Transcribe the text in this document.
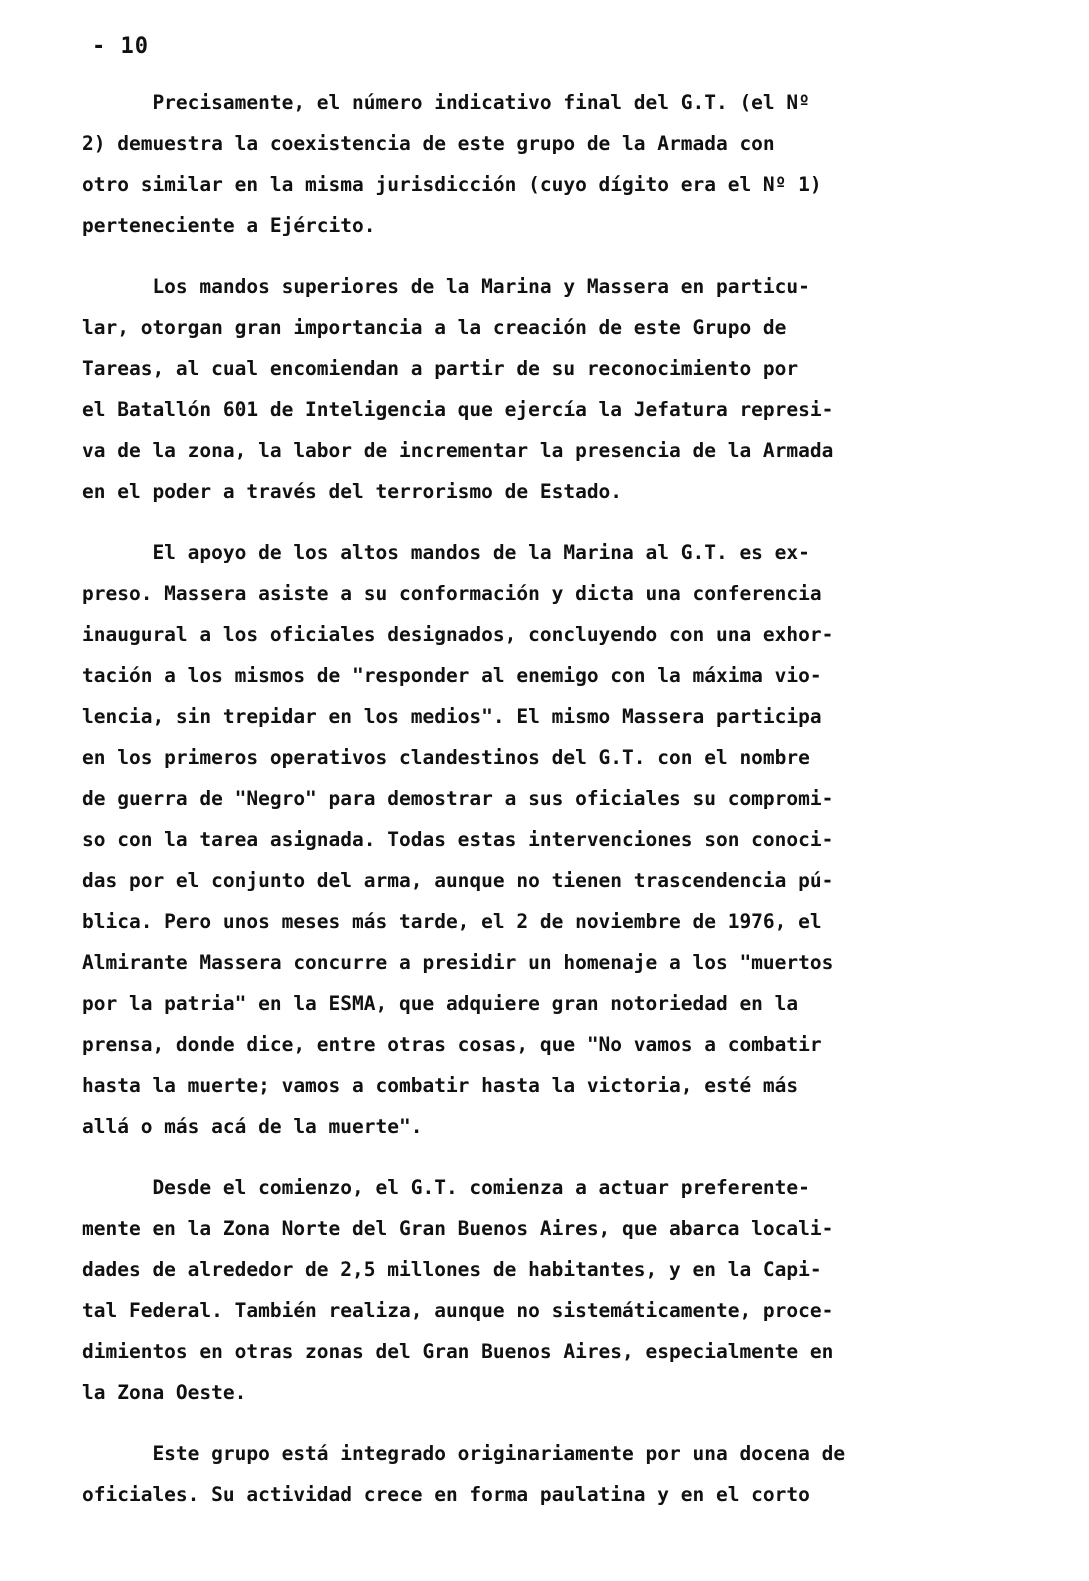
- 10
Precisamente, el número indicativo final del G.T. (el Nº
2) demuestra la coexistencia de este grupo de la Armada con
otro similar en la misma jurisdicción (cuyo dígito era el Nº 1)
perteneciente a Ejército.
Los mandos superiores de la Marina y Massera en particu-
lar, otorgan gran importancia a la creación de este Grupo de
Tareas, al cual encomiendan a partir de su reconocimiento por
el Batallón 601 de Inteligencia que ejercía la Jefatura represi-
va de la zona, la labor de incrementar la presencia de la Armada
en el poder a través del terrorismo de Estado.
El apoyo de los altos mandos de la Marina al G.T. es ex-
preso. Massera asiste a su conformación y dicta una conferencia
inaugural a los oficiales designados, concluyendo con una exhor-
tación a los mismos de "responder al enemigo con la máxima vio-
lencia, sin trepidar en los medios". El mismo Massera participa
en los primeros operativos clandestinos del G.T. con el nombre
de guerra de "Negro" para demostrar a sus oficiales su compromi-
so con la tarea asignada. Todas estas intervenciones son conoci-
das por el conjunto del arma, aunque no tienen trascendencia pú-
blica. Pero unos meses más tarde, el 2 de noviembre de 1976, el
Almirante Massera concurre a presidir un homenaje a los "muertos
por la patria" en la ESMA, que adquiere gran notoriedad en la
prensa, donde dice, entre otras cosas, que "No vamos a combatir
hasta la muerte; vamos a combatir hasta la victoria, esté más
allá o más acá de la muerte".
Desde el comienzo, el G.T. comienza a actuar preferente-
mente en la Zona Norte del Gran Buenos Aires, que abarca locali-
dades de alrededor de 2,5 millones de habitantes, y en la Capi-
tal Federal. También realiza, aunque no sistemáticamente, proce-
dimientos en otras zonas del Gran Buenos Aires, especialmente en
la Zona Oeste.
Este grupo está integrado originariamente por una docena de
oficiales. Su actividad crece en forma paulatina y en el corto
